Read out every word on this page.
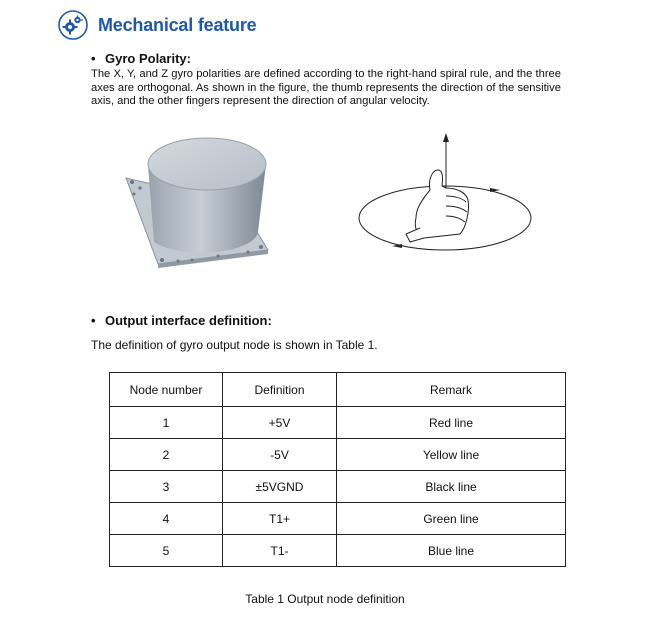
Mechanical feature
• Gyro Polarity:
The X, Y, and Z gyro polarities are defined according to the right-hand spiral rule, and the three axes are orthogonal. As shown in the figure, the thumb represents the direction of the sensitive axis, and the other fingers represent the direction of angular velocity.
• Output interface definition:
The definition of gyro output node is shown in Table 1.
Node number	Definition	Remark
1	+5V	Red line
2	-5V	Yellow line
3	±5VGND	Black line
4	T1+	Green line
5	T1-	Blue line
Table 1 Output node definition
